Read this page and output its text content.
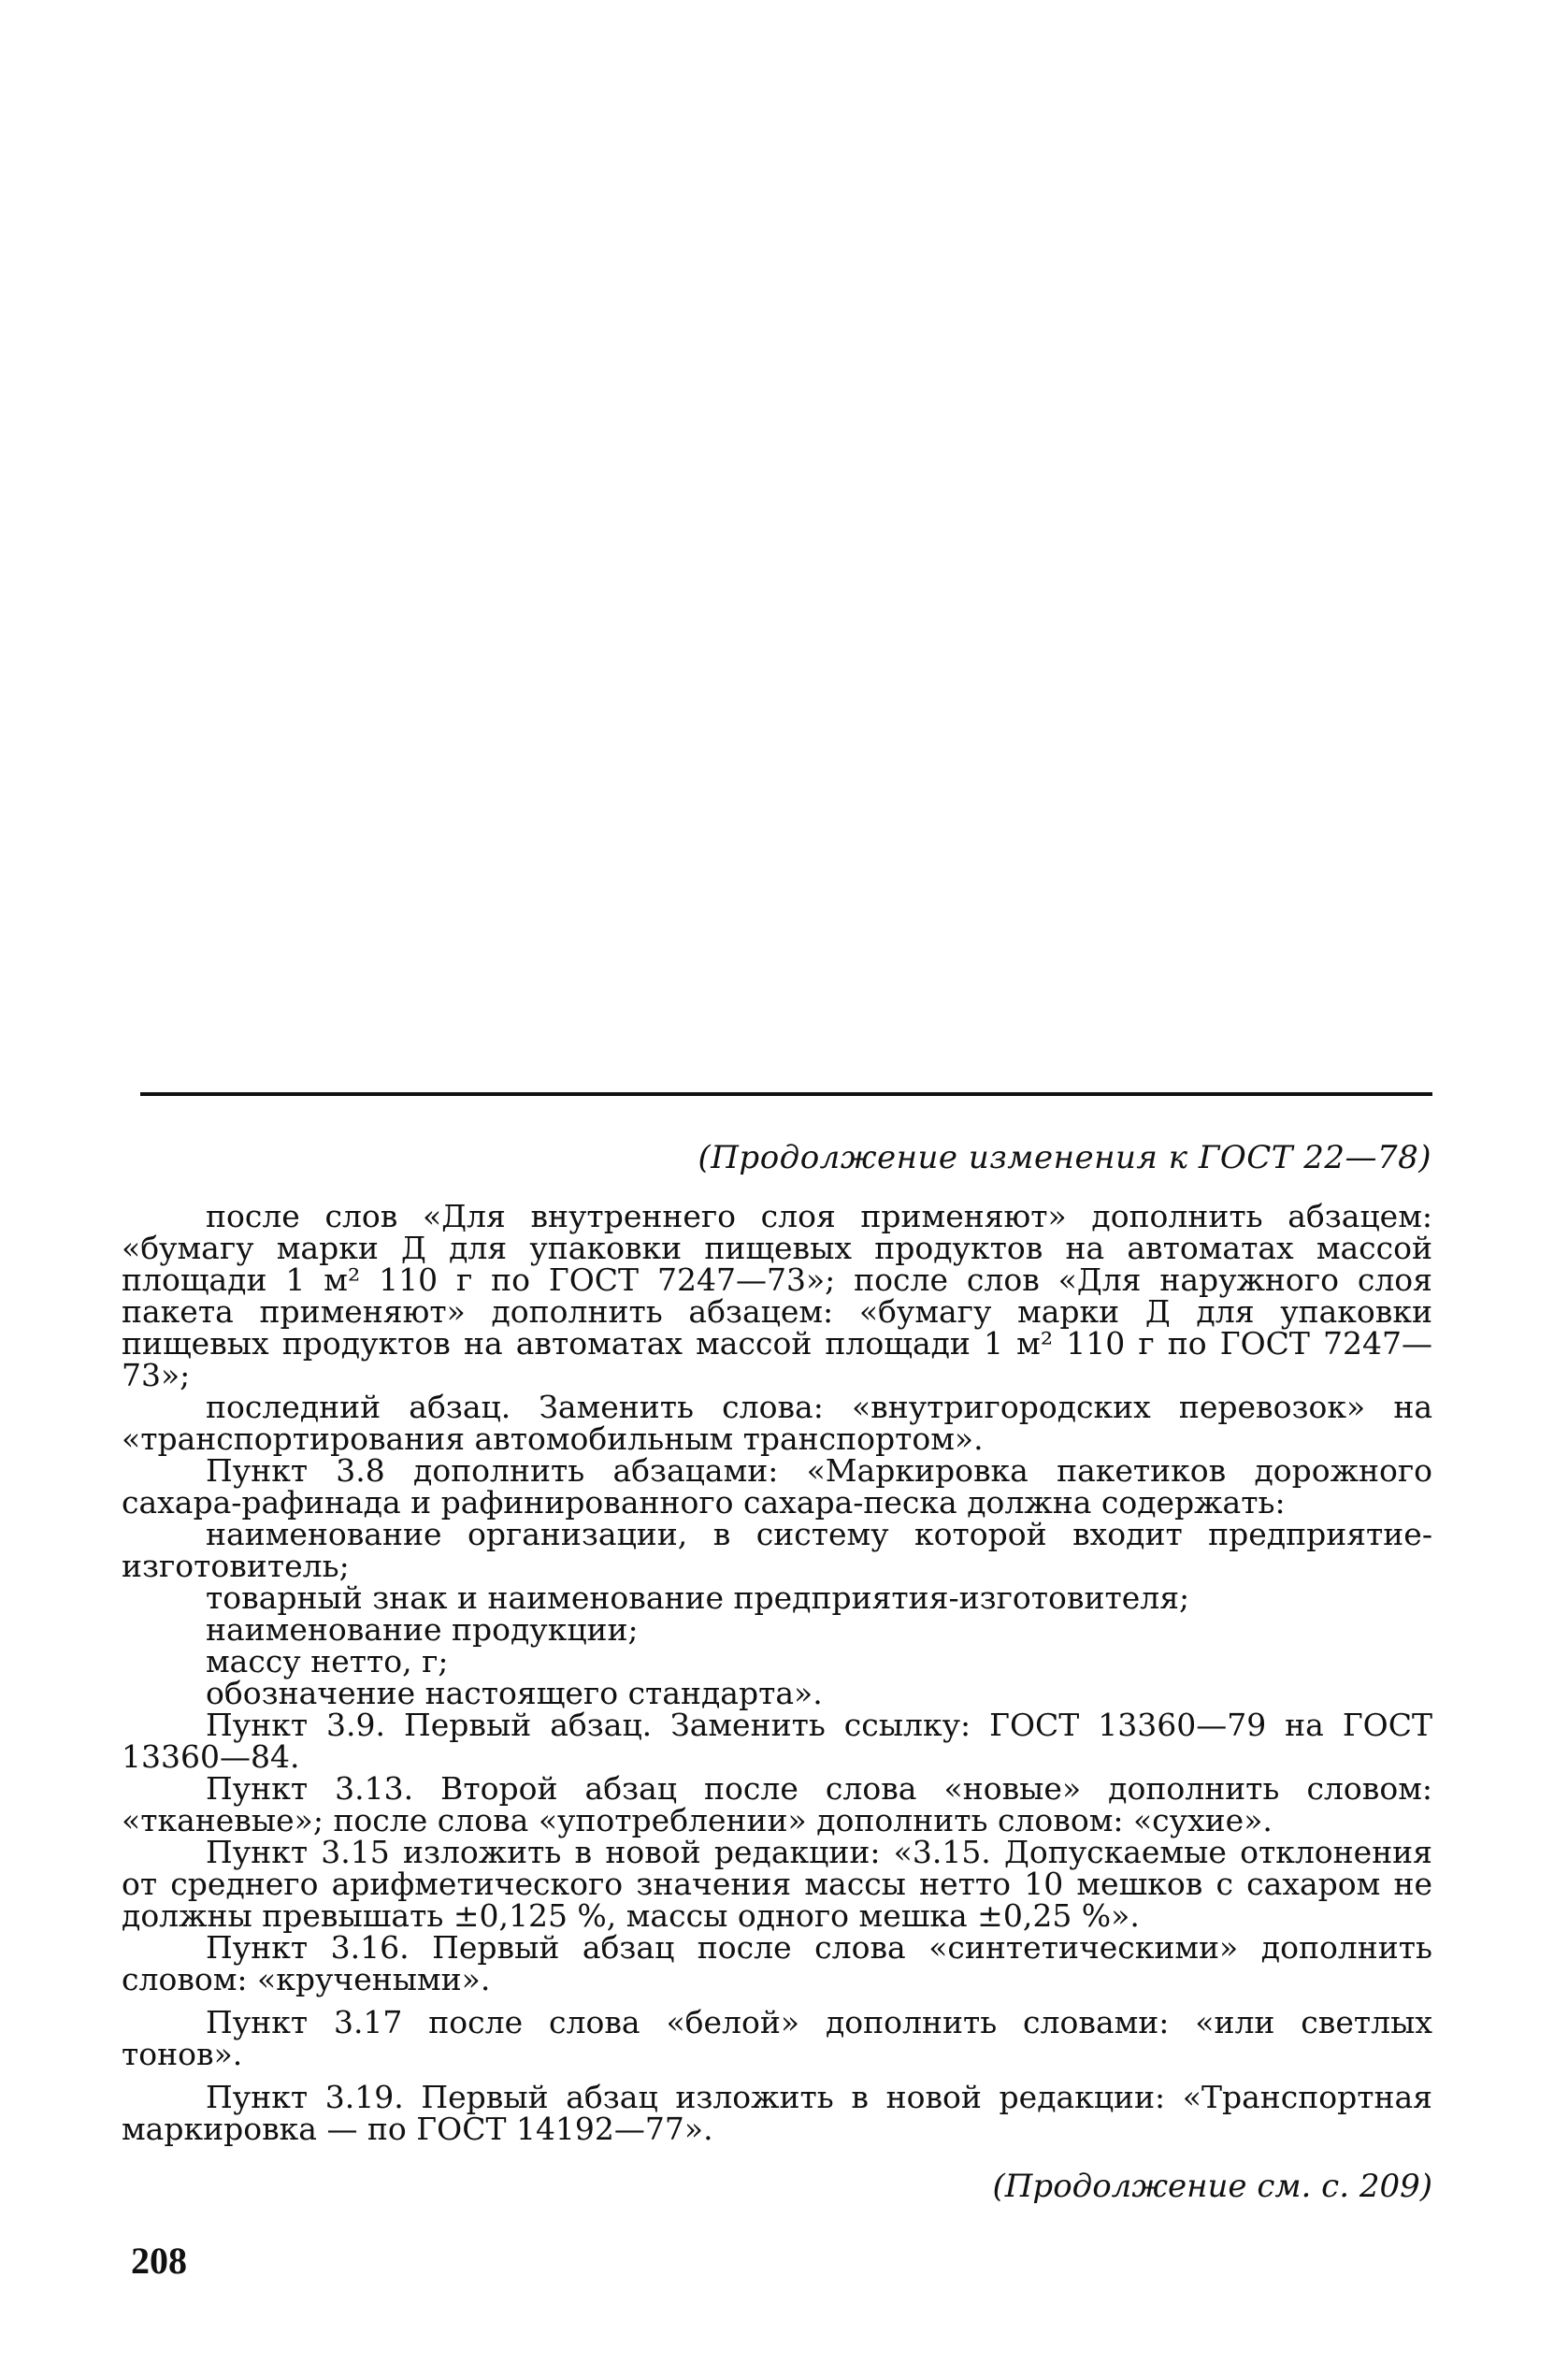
(Продолжение изменения к ГОСТ 22—78)

после слов «Для внутреннего слоя применяют» дополнить абзацем: «бумагу марки Д для упаковки пищевых продуктов на автоматах массой площади 1 м² 110 г по ГОСТ 7247—73»; после слов «Для наружного слоя пакета применяют» дополнить абзацем: «бумагу марки Д для упаковки пищевых продуктов на автоматах массой площади 1 м² 110 г по ГОСТ 7247—73»;

последний абзац. Заменить слова: «внутригородских перевозок» на «транспортирования автомобильным транспортом».

Пункт 3.8 дополнить абзацами: «Маркировка пакетиков дорожного сахара-рафинада и рафинированного сахара-песка должна содержать:

наименование организации, в систему которой входит предприятие-изготовитель;

товарный знак и наименование предприятия-изготовителя;

наименование продукции;

массу нетто, г;

обозначение настоящего стандарта».

Пункт 3.9. Первый абзац. Заменить ссылку: ГОСТ 13360—79 на ГОСТ 13360—84.

Пункт 3.13. Второй абзац после слова «новые» дополнить словом: «тканевые»; после слова «употреблении» дополнить словом: «сухие».

Пункт 3.15 изложить в новой редакции: «3.15. Допускаемые отклонения от среднего арифметического значения массы нетто 10 мешков с сахаром не должны превышать ±0,125 %, массы одного мешка ±0,25 %».

Пункт 3.16. Первый абзац после слова «синтетическими» дополнить словом: «кручеными».

Пункт 3.17 после слова «белой» дополнить словами: «или светлых тонов».

Пункт 3.19. Первый абзац изложить в новой редакции: «Транспортная маркировка — по ГОСТ 14192—77».

(Продолжение см. с. 209)
208
